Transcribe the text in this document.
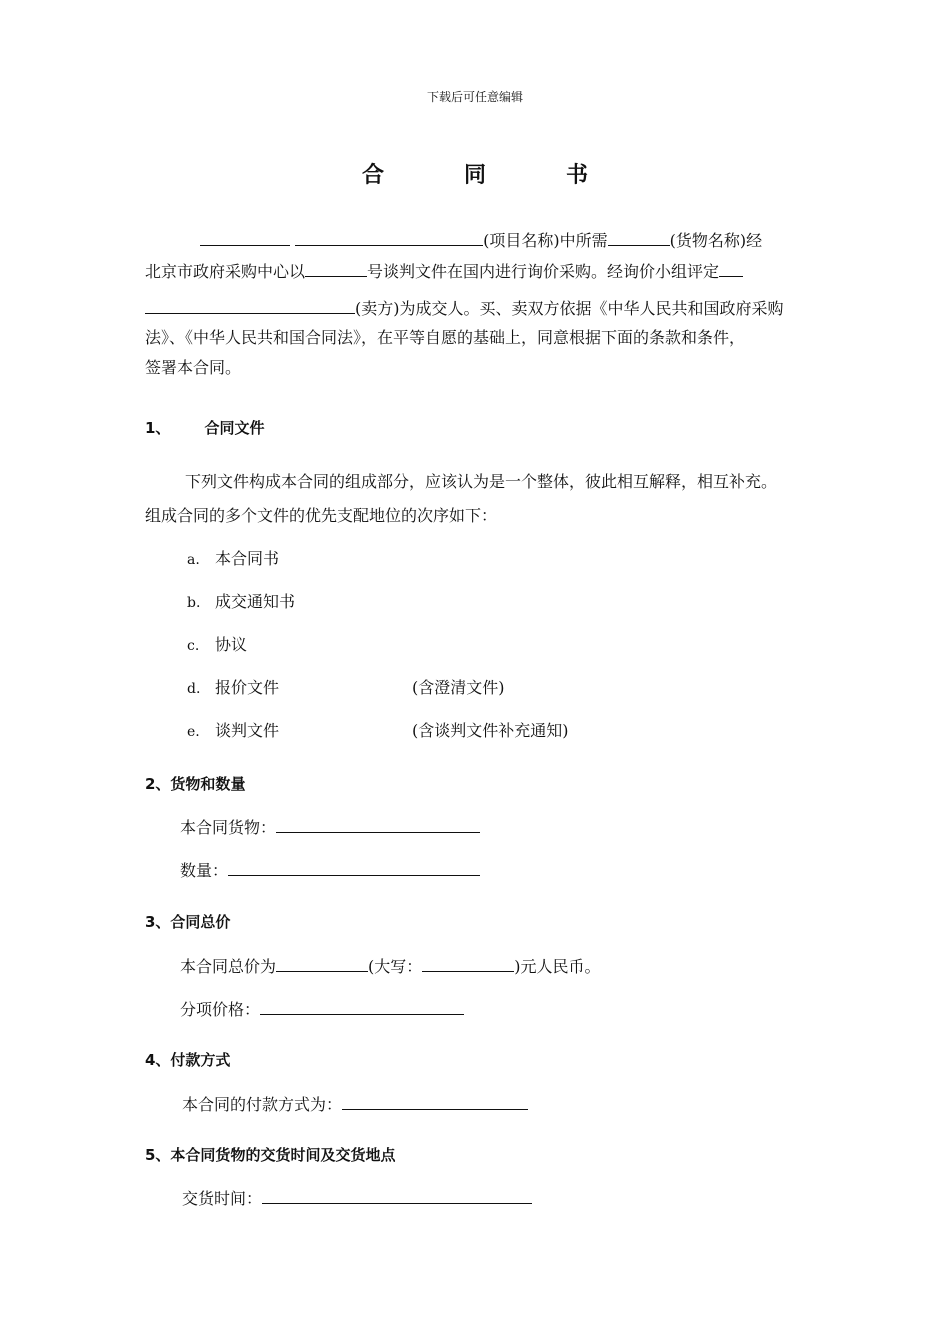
下载后可任意编辑
合	同	书
(项目名称)中所需	(货物名称)经
北京市政府采购中心以	号谈判文件在国内进行询价采购。经询价小组评定
(卖方)为成交人。买、卖双方依据《中华人民共和国政府采购
法》、《中华人民共和国合同法》，在平等自愿的基础上，同意根据下面的条款和条件，
签署本合同。
1、 合同文件
下列文件构成本合同的组成部分，应该认为是一个整体，彼此相互解释，相互补充。
组成合同的多个文件的优先支配地位的次序如下：
a. 本合同书
b. 成交通知书
c. 协议
d. 报价文件	(含澄清文件)
e. 谈判文件	(含谈判文件补充通知)
2、货物和数量
本合同货物：
数量：
3、合同总价
本合同总价为	(大写：	)元人民币。
分项价格：
4、付款方式
本合同的付款方式为：
5、本合同货物的交货时间及交货地点
交货时间：
